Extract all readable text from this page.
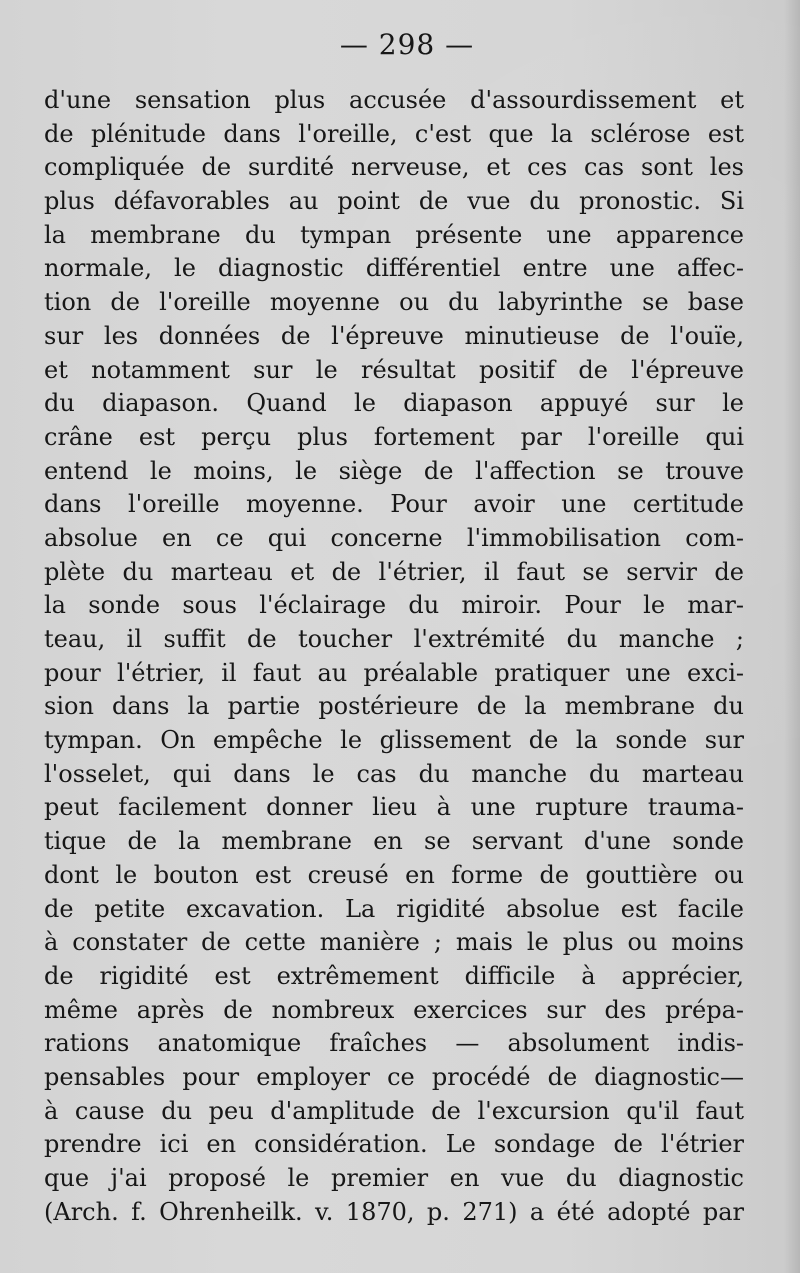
— 298 —
d'une sensation plus accusée d'assourdissement et
de plénitude dans l'oreille, c'est que la sclérose est
compliquée de surdité nerveuse, et ces cas sont les
plus défavorables au point de vue du pronostic. Si
la membrane du tympan présente une apparence
normale, le diagnostic différentiel entre une affec-
tion de l'oreille moyenne ou du labyrinthe se base
sur les données de l'épreuve minutieuse de l'ouïe,
et notamment sur le résultat positif de l'épreuve
du diapason. Quand le diapason appuyé sur le
crâne est perçu plus fortement par l'oreille qui
entend le moins, le siège de l'affection se trouve
dans l'oreille moyenne. Pour avoir une certitude
absolue en ce qui concerne l'immobilisation com-
plète du marteau et de l'étrier, il faut se servir de
la sonde sous l'éclairage du miroir. Pour le mar-
teau, il suffit de toucher l'extrémité du manche ;
pour l'étrier, il faut au préalable pratiquer une exci-
sion dans la partie postérieure de la membrane du
tympan. On empêche le glissement de la sonde sur
l'osselet, qui dans le cas du manche du marteau
peut facilement donner lieu à une rupture trauma-
tique de la membrane en se servant d'une sonde
dont le bouton est creusé en forme de gouttière ou
de petite excavation. La rigidité absolue est facile
à constater de cette manière ; mais le plus ou moins
de rigidité est extrêmement difficile à apprécier,
même après de nombreux exercices sur des prépa-
rations anatomique fraîches — absolument indis-
pensables pour employer ce procédé de diagnostic—
à cause du peu d'amplitude de l'excursion qu'il faut
prendre ici en considération. Le sondage de l'étrier
que j'ai proposé le premier en vue du diagnostic
(Arch. f. Ohrenheilk. v. 1870, p. 271) a été adopté par
